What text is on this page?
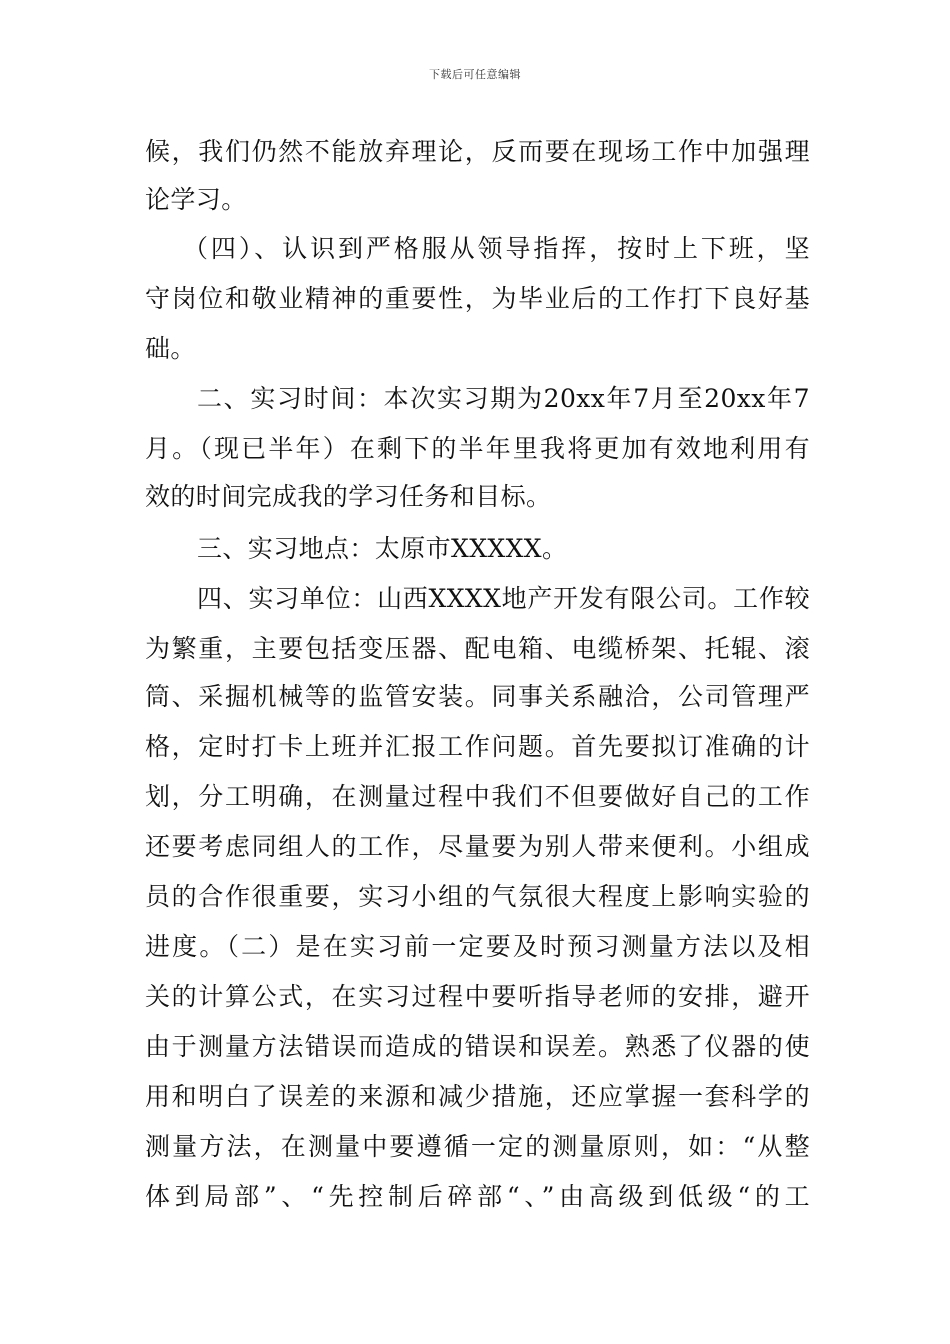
下载后可任意编辑
候，我们仍然不能放弃理论，反而要在现场工作中加强理
论学习。
（四）、认识到严格服从领导指挥，按时上下班，坚
守岗位和敬业精神的重要性，为毕业后的工作打下良好基
础。
二、实习时间：本次实习期为20xx年7月至20xx年7
月。（现已半年）在剩下的半年里我将更加有效地利用有
效的时间完成我的学习任务和目标。
三、实习地点：太原市XXXXX。
四、实习单位：山西XXXX地产开发有限公司。工作较
为繁重，主要包括变压器、配电箱、电缆桥架、托辊、滚
筒、采掘机械等的监管安装。同事关系融洽，公司管理严
格，定时打卡上班并汇报工作问题。首先要拟订准确的计
划，分工明确，在测量过程中我们不但要做好自己的工作
还要考虑同组人的工作，尽量要为别人带来便利。小组成
员的合作很重要，实习小组的气氛很大程度上影响实验的
进度。（二）是在实习前一定要及时预习测量方法以及相
关的计算公式，在实习过程中要听指导老师的安排，避开
由于测量方法错误而造成的错误和误差。熟悉了仪器的使
用和明白了误差的来源和减少措施，还应掌握一套科学的
测量方法，在测量中要遵循一定的测量原则，如：“从整
体到局部”、“先控制后碎部“、”由高级到低级“的工
